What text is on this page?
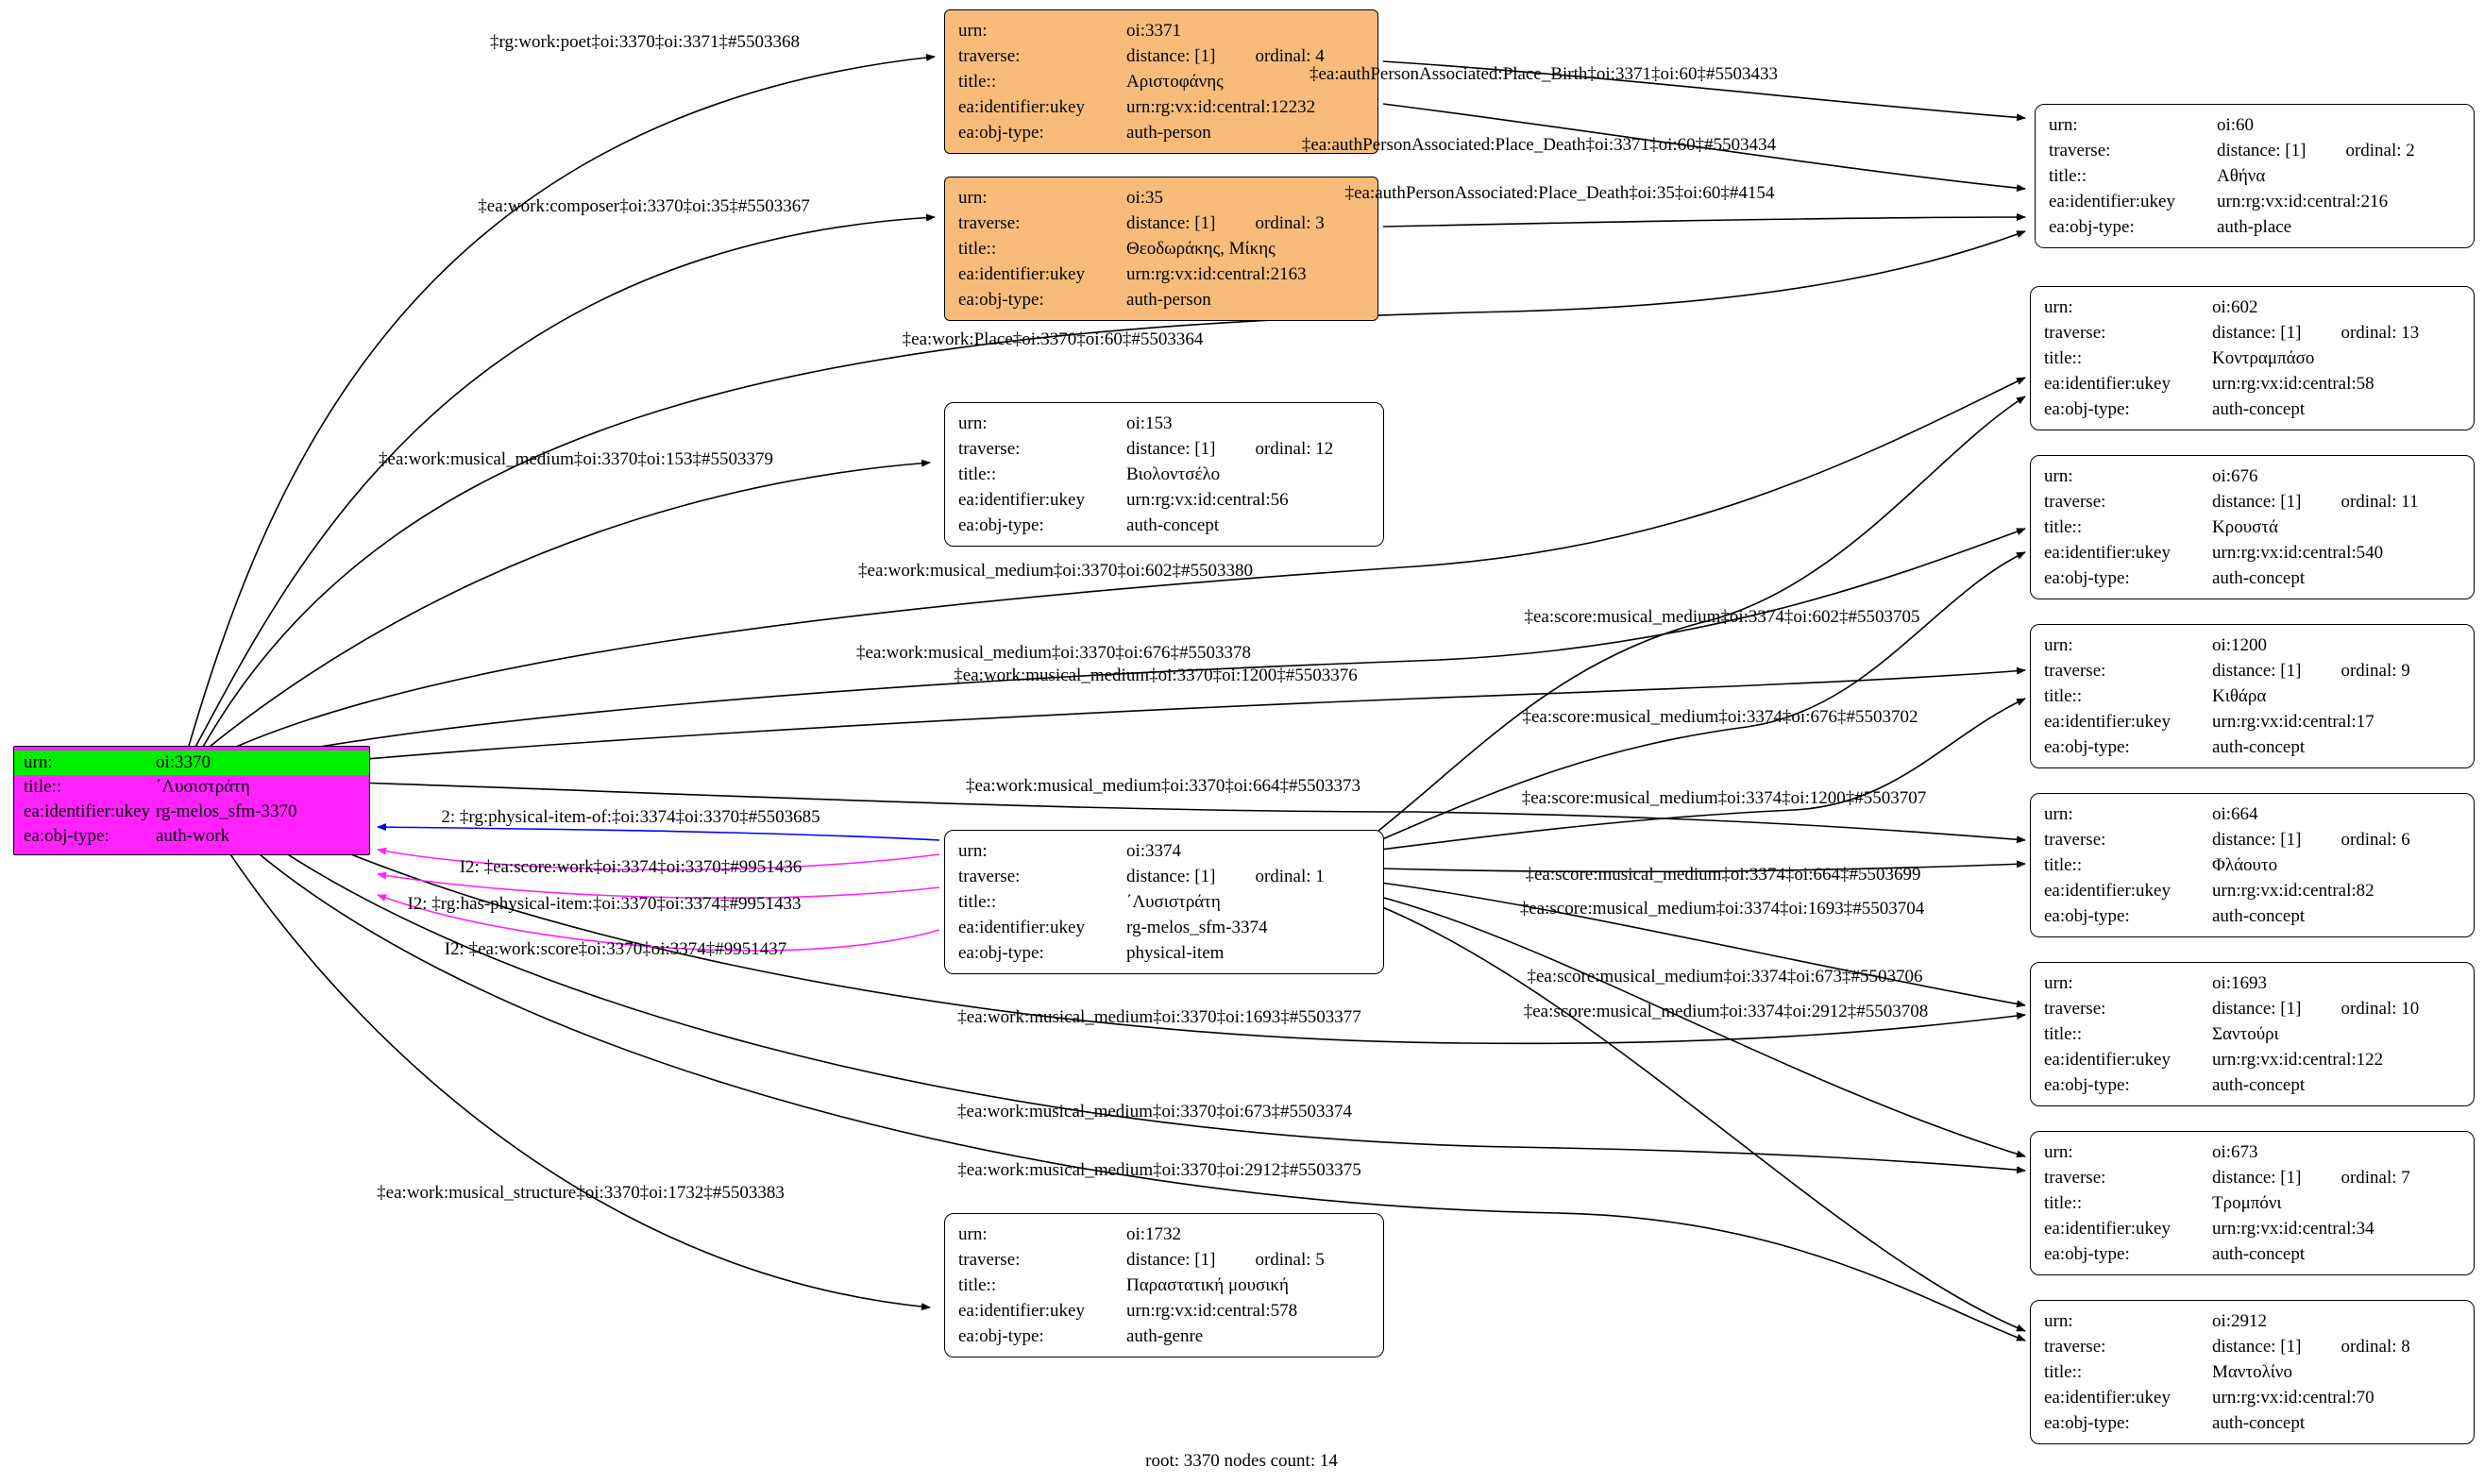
urn:	oi:3370
title::	΄Λυσιστράτη
ea:identifier:ukey rg-melos_sfm-3370
ea:obj-type:	auth-work
urn:	oi:3371
traverse:	distance: [1] ordinal: 4
title::	Αριστοφάνης
ea:identifier:ukey	urn:rg:vx:id:central:12232
ea:obj-type:	auth-person
urn:	oi:35
traverse:	distance: [1] ordinal: 3
title::	Θεοδωράκης, Μίκης
ea:identifier:ukey	urn:rg:vx:id:central:2163
ea:obj-type:	auth-person
urn:	oi:153
traverse:	distance: [1] ordinal: 12
title::	Βιολοντσέλο
ea:identifier:ukey	urn:rg:vx:id:central:56
ea:obj-type:	auth-concept
urn:	oi:3374
traverse:	distance: [1] ordinal: 1
title::	΄Λυσιστράτη
ea:identifier:ukey	rg-melos_sfm-3374
ea:obj-type:	physical-item
urn:	oi:1732
traverse:	distance: [1] ordinal: 5
title::	Παραστατική μουσική
ea:identifier:ukey	urn:rg:vx:id:central:578
ea:obj-type:	auth-genre
urn:	oi:60
traverse:	distance: [1] ordinal: 2
title::	Αθήνα
ea:identifier:ukey	urn:rg:vx:id:central:216
ea:obj-type:	auth-place
urn:	oi:602
traverse:	distance: [1] ordinal: 13
title::	Κοντραμπάσο
ea:identifier:ukey	urn:rg:vx:id:central:58
ea:obj-type:	auth-concept
urn:	oi:676
traverse:	distance: [1] ordinal: 11
title::	Κρουστά
ea:identifier:ukey	urn:rg:vx:id:central:540
ea:obj-type:	auth-concept
urn:	oi:1200
traverse:	distance: [1] ordinal: 9
title::	Κιθάρα
ea:identifier:ukey	urn:rg:vx:id:central:17
ea:obj-type:	auth-concept
urn:	oi:664
traverse:	distance: [1] ordinal: 6
title::	Φλάουτο
ea:identifier:ukey	urn:rg:vx:id:central:82
ea:obj-type:	auth-concept
urn:	oi:1693
traverse:	distance: [1] ordinal: 10
title::	Σαντούρι
ea:identifier:ukey	urn:rg:vx:id:central:122
ea:obj-type:	auth-concept
urn:	oi:673
traverse:	distance: [1] ordinal: 7
title::	Τρομπόνι
ea:identifier:ukey	urn:rg:vx:id:central:34
ea:obj-type:	auth-concept
urn:	oi:2912
traverse:	distance: [1] ordinal: 8
title::	Μαντολίνο
ea:identifier:ukey	urn:rg:vx:id:central:70
ea:obj-type:	auth-concept
‡rg:work:poet‡oi:3370‡oi:3371‡#5503368
‡ea:authPersonAssociated:Place_Birth‡oi:3371‡oi:60‡#5503433
‡ea:authPersonAssociated:Place_Death‡oi:3371‡oi:60‡#5503434
‡ea:authPersonAssociated:Place_Death‡oi:35‡oi:60‡#4154
‡ea:work:composer‡oi:3370‡oi:35‡#5503367
‡ea:work:Place‡oi:3370‡oi:60‡#5503364
‡ea:work:musical_medium‡oi:3370‡oi:153‡#5503379
‡ea:work:musical_medium‡oi:3370‡oi:602‡#5503380
‡ea:score:musical_medium‡oi:3374‡oi:602‡#5503705
‡ea:work:musical_medium‡oi:3370‡oi:676‡#5503378
‡ea:score:musical_medium‡oi:3374‡oi:676‡#5503702
‡ea:work:musical_medium‡oi:3370‡oi:1200‡#5503376
‡ea:score:musical_medium‡oi:3374‡oi:1200‡#5503707
‡ea:work:musical_medium‡oi:3370‡oi:664‡#5503373
2: ‡rg:physical-item-of:‡oi:3374‡oi:3370‡#5503685
‡ea:score:musical_medium‡oi:3374‡oi:664‡#5503699
I2: ‡ea:score:work‡oi:3374‡oi:3370‡#9951436
‡ea:score:musical_medium‡oi:3374‡oi:1693‡#5503704
I2: ‡rg:has-physical-item:‡oi:3370‡oi:3374‡#9951433
I2: ‡ea:work:score‡oi:3370‡oi:3374‡#9951437
‡ea:score:musical_medium‡oi:3374‡oi:673‡#5503706
‡ea:work:musical_medium‡oi:3370‡oi:1693‡#5503377	‡ea:score:musical_medium‡oi:3374‡oi:2912‡#5503708
‡ea:work:musical_medium‡oi:3370‡oi:673‡#5503374
‡ea:work:musical_medium‡oi:3370‡oi:2912‡#5503375
‡ea:work:musical_structure‡oi:3370‡oi:1732‡#5503383
root: 3370 nodes count: 14
